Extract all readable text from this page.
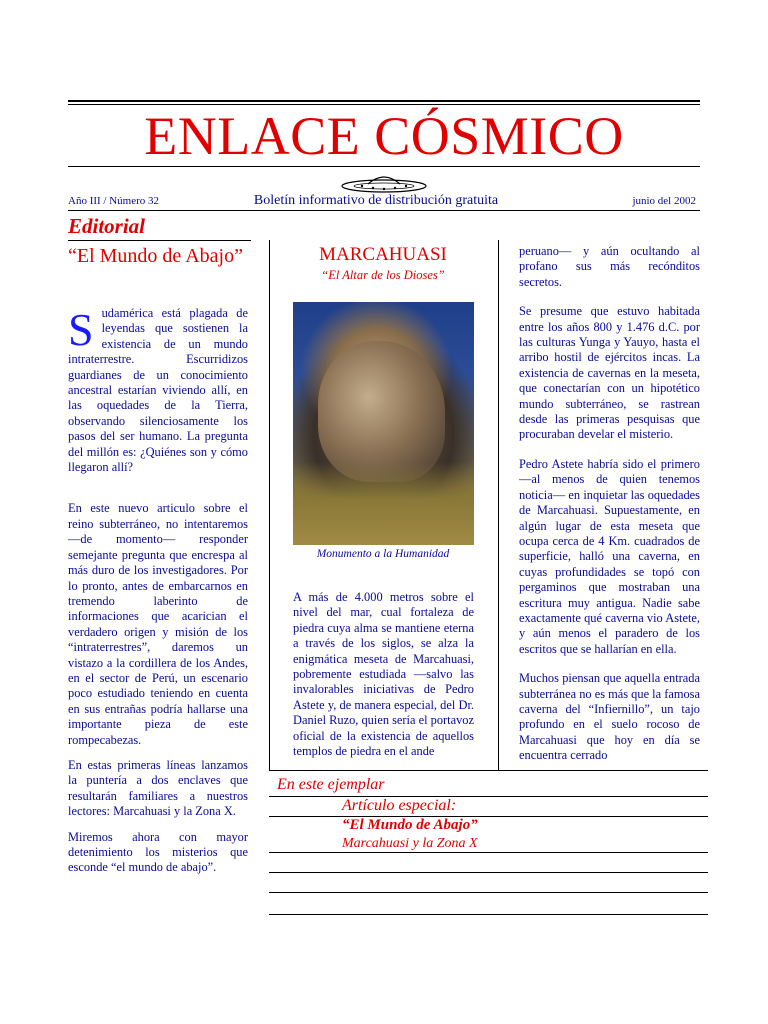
ENLACE CÓSMICO
Año III / Número 32	Boletín informativo de distribución gratuita	junio del 2002
Editorial
“El Mundo de Abajo”

Sudamérica está plagada de leyendas que sostienen la existencia de un mundo intraterrestre. Escurridizos guardianes de un conocimiento ancestral estarían viviendo allí, en las oquedades de la Tierra, observando silenciosamente los pasos del ser humano. La pregunta del millón es: ¿Quiénes son y cómo llegaron allí?

En este nuevo articulo sobre el reino subterráneo, no intentaremos —de momento— responder semejante pregunta que encrespa al más duro de los investigadores. Por lo pronto, antes de embarcarnos en tremendo laberinto de informaciones que acarician el verdadero origen y misión de los “intraterrestres”, daremos un vistazo a la cordillera de los Andes, en el sector de Perú, un escenario poco estudiado teniendo en cuenta en sus entrañas podría hallarse una importante pieza de este rompecabezas.

En estas primeras líneas lanzamos la puntería a dos enclaves que resultarán familiares a nuestros lectores: Marcahuasi y la Zona X.

Miremos ahora con mayor detenimiento los misterios que esconde “el mundo de abajo”.

MARCAHUASI
“El Altar de los Dioses”
Monumento a la Humanidad
A más de 4.000 metros sobre el nivel del mar, cual fortaleza de piedra cuya alma se mantiene eterna a través de los siglos, se alza la enigmática meseta de Marcahuasi, pobremente estudiada —salvo las invalorables iniciativas de Pedro Astete y, de manera especial, del Dr. Daniel Ruzo, quien sería el portavoz oficial de la existencia de aquellos templos de piedra en el ande

peruano— y aún ocultando al profano sus más recónditos secretos.

Se presume que estuvo habitada entre los años 800 y 1.476 d.C. por las culturas Yunga y Yauyo, hasta el arribo hostil de ejércitos incas. La existencia de cavernas en la meseta, que conectarían con un hipotético mundo subterráneo, se rastrean desde las primeras pesquisas que procuraban develar el misterio.

Pedro Astete habría sido el primero —al menos de quien tenemos noticia— en inquietar las oquedades de Marcahuasi. Supuestamente, en algún lugar de esta meseta que ocupa cerca de 4 Km. cuadrados de superficie, halló una caverna, en cuyas profundidades se topó con pergaminos que mostraban una escritura muy antigua. Nadie sabe exactamente qué caverna vio Astete, y aún menos el paradero de los escritos que se hallarían en ella.

Muchos piensan que aquella entrada subterránea no es más que la famosa caverna del “Infiernillo”, un tajo profundo en el suelo rocoso de Marcahuasi que hoy en día se encuentra cerrado

En este ejemplar
Artículo especial:
“El Mundo de Abajo”
Marcahuasi y la Zona X
